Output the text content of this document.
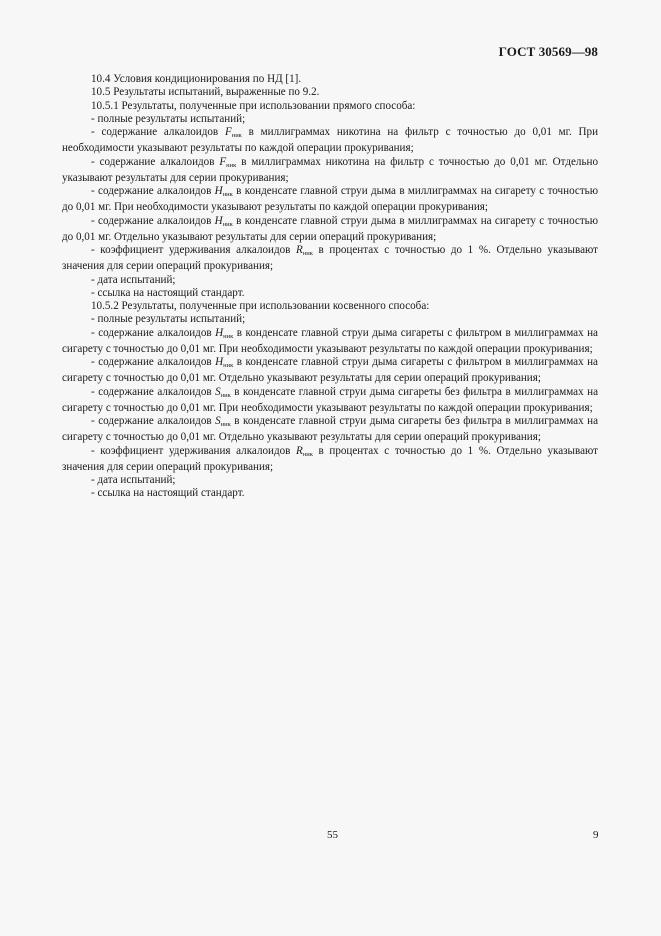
ГОСТ 30569—98

10.4 Условия кондиционирования по НД [1].

10.5 Результаты испытаний, выраженные по 9.2.

10.5.1 Результаты, полученные при использовании прямого способа:

- полные результаты испытаний;

- содержание алкалоидов $F_{ник}$ в миллиграммах никотина на фильтр с точностью до 0,01 мг. При необходимости указывают результаты по каждой операции прокуривания;

- содержание алкалоидов $F_{ник}$ в миллиграммах никотина на фильтр с точностью до 0,01 мг. Отдельно указывают результаты для серии прокуривания;

- содержание алкалоидов $H_{ник}$ в конденсате главной струи дыма в миллиграммах на сигарету с точностью до 0,01 мг. При необходимости указывают результаты по каждой операции прокуривания;

- содержание алкалоидов $H_{ник}$ в конденсате главной струи дыма в миллиграммах на сигарету с точностью до 0,01 мг. Отдельно указывают результаты для серии операций прокуривания;

- коэффициент удерживания алкалоидов $R_{ник}$ в процентах с точностью до 1 %. Отдельно указывают значения для серии операций прокуривания;

- дата испытаний;

- ссылка на настоящий стандарт.

10.5.2 Результаты, полученные при использовании косвенного способа:

- полные результаты испытаний;

- содержание алкалоидов $H_{ник}$ в конденсате главной струи дыма сигареты с фильтром в миллиграммах на сигарету с точностью до 0,01 мг. При необходимости указывают результаты по каждой операции прокуривания;

- содержание алкалоидов $H_{ник}$ в конденсате главной струи дыма сигареты с фильтром в миллиграммах на сигарету с точностью до 0,01 мг. Отдельно указывают результаты для серии операций прокуривания;

- содержание алкалоидов $S_{ник}$ в конденсате главной струи дыма сигареты без фильтра в миллиграммах на сигарету с точностью до 0,01 мг. При необходимости указывают результаты по каждой операции прокуривания;

- содержание алкалоидов $S_{ник}$ в конденсате главной струи дыма сигареты без фильтра в миллиграммах на сигарету с точностью до 0,01 мг. Отдельно указывают результаты для серии операций прокуривания;

- коэффициент удерживания алкалоидов $R_{ник}$ в процентах с точностью до 1 %. Отдельно указывают значения для серии операций прокуривания;

- дата испытаний;

- ссылка на настоящий стандарт.

55	9
